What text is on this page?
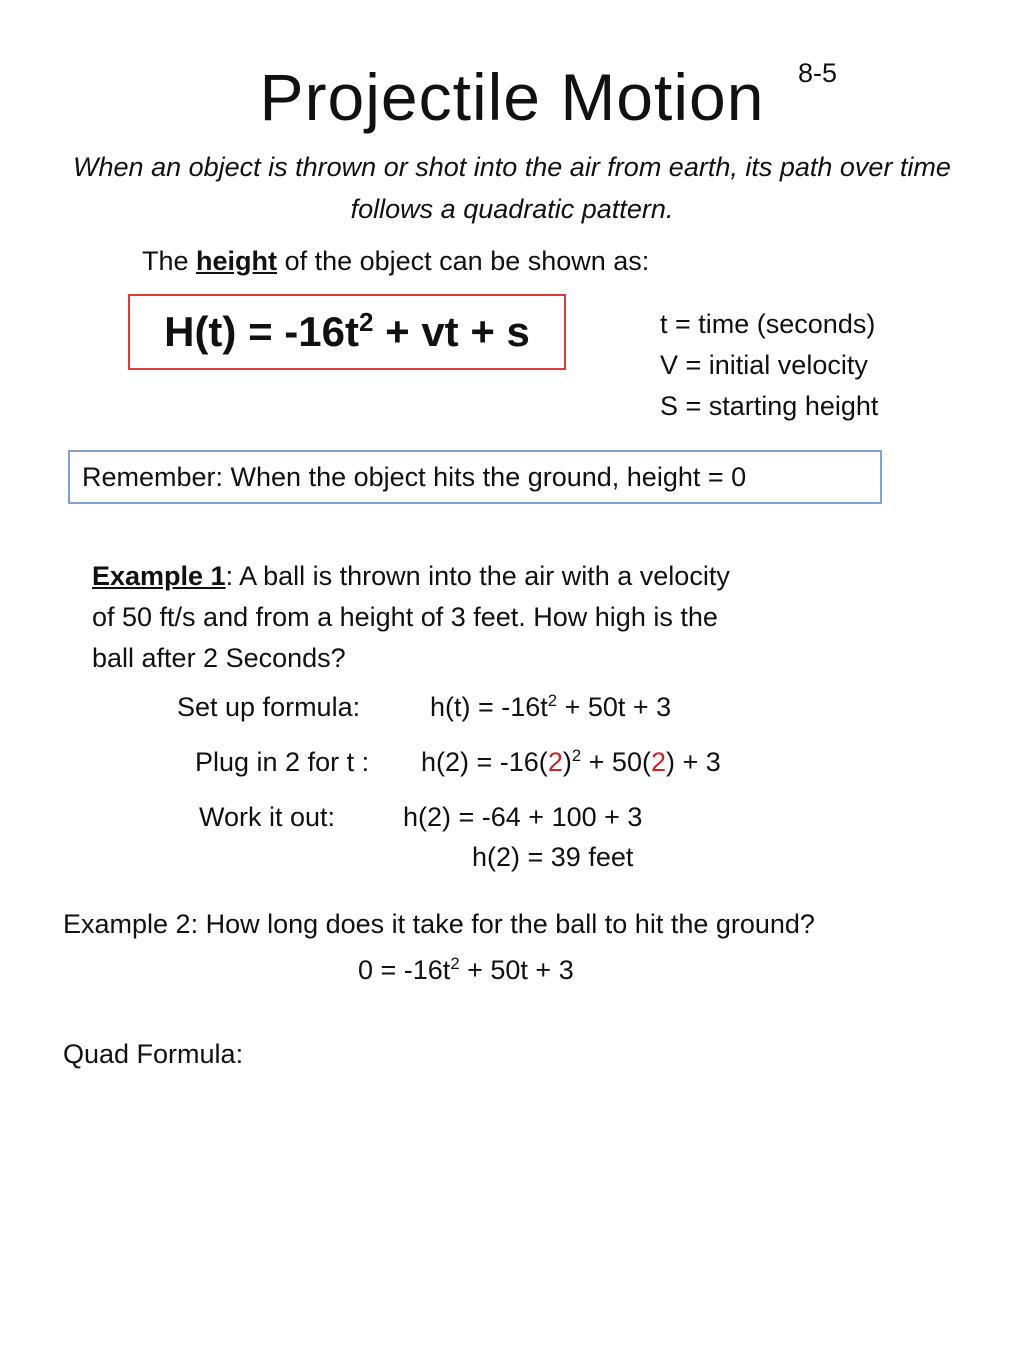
Projectile Motion	8-5
When an object is thrown or shot into the air from earth, its path over time follows a quadratic pattern.
The height of the object can be shown as:
$H(t) = -16t^2$ + vt + s	t = time (seconds)
V = initial velocity
S = starting height
Remember: When the object hits the ground, height = 0
Example 1: A ball is thrown into the air with a velocity
of 50 ft/s and from a height of 3 feet. How high is the
ball after 2 Seconds?
Set up formula:	$h(t) = -16t^2 + 50t + 3$
Plug in 2 for t : $h(2) = -16(2)^2 + 50(2) + 3$
Work it out:	h(2) = -64 + 100 + 3
h(2) = 39 feet
Example 2: How long does it take for the ball to hit the ground?
$0 = -16t^2 + 50t + 3$
Quad Formula:
